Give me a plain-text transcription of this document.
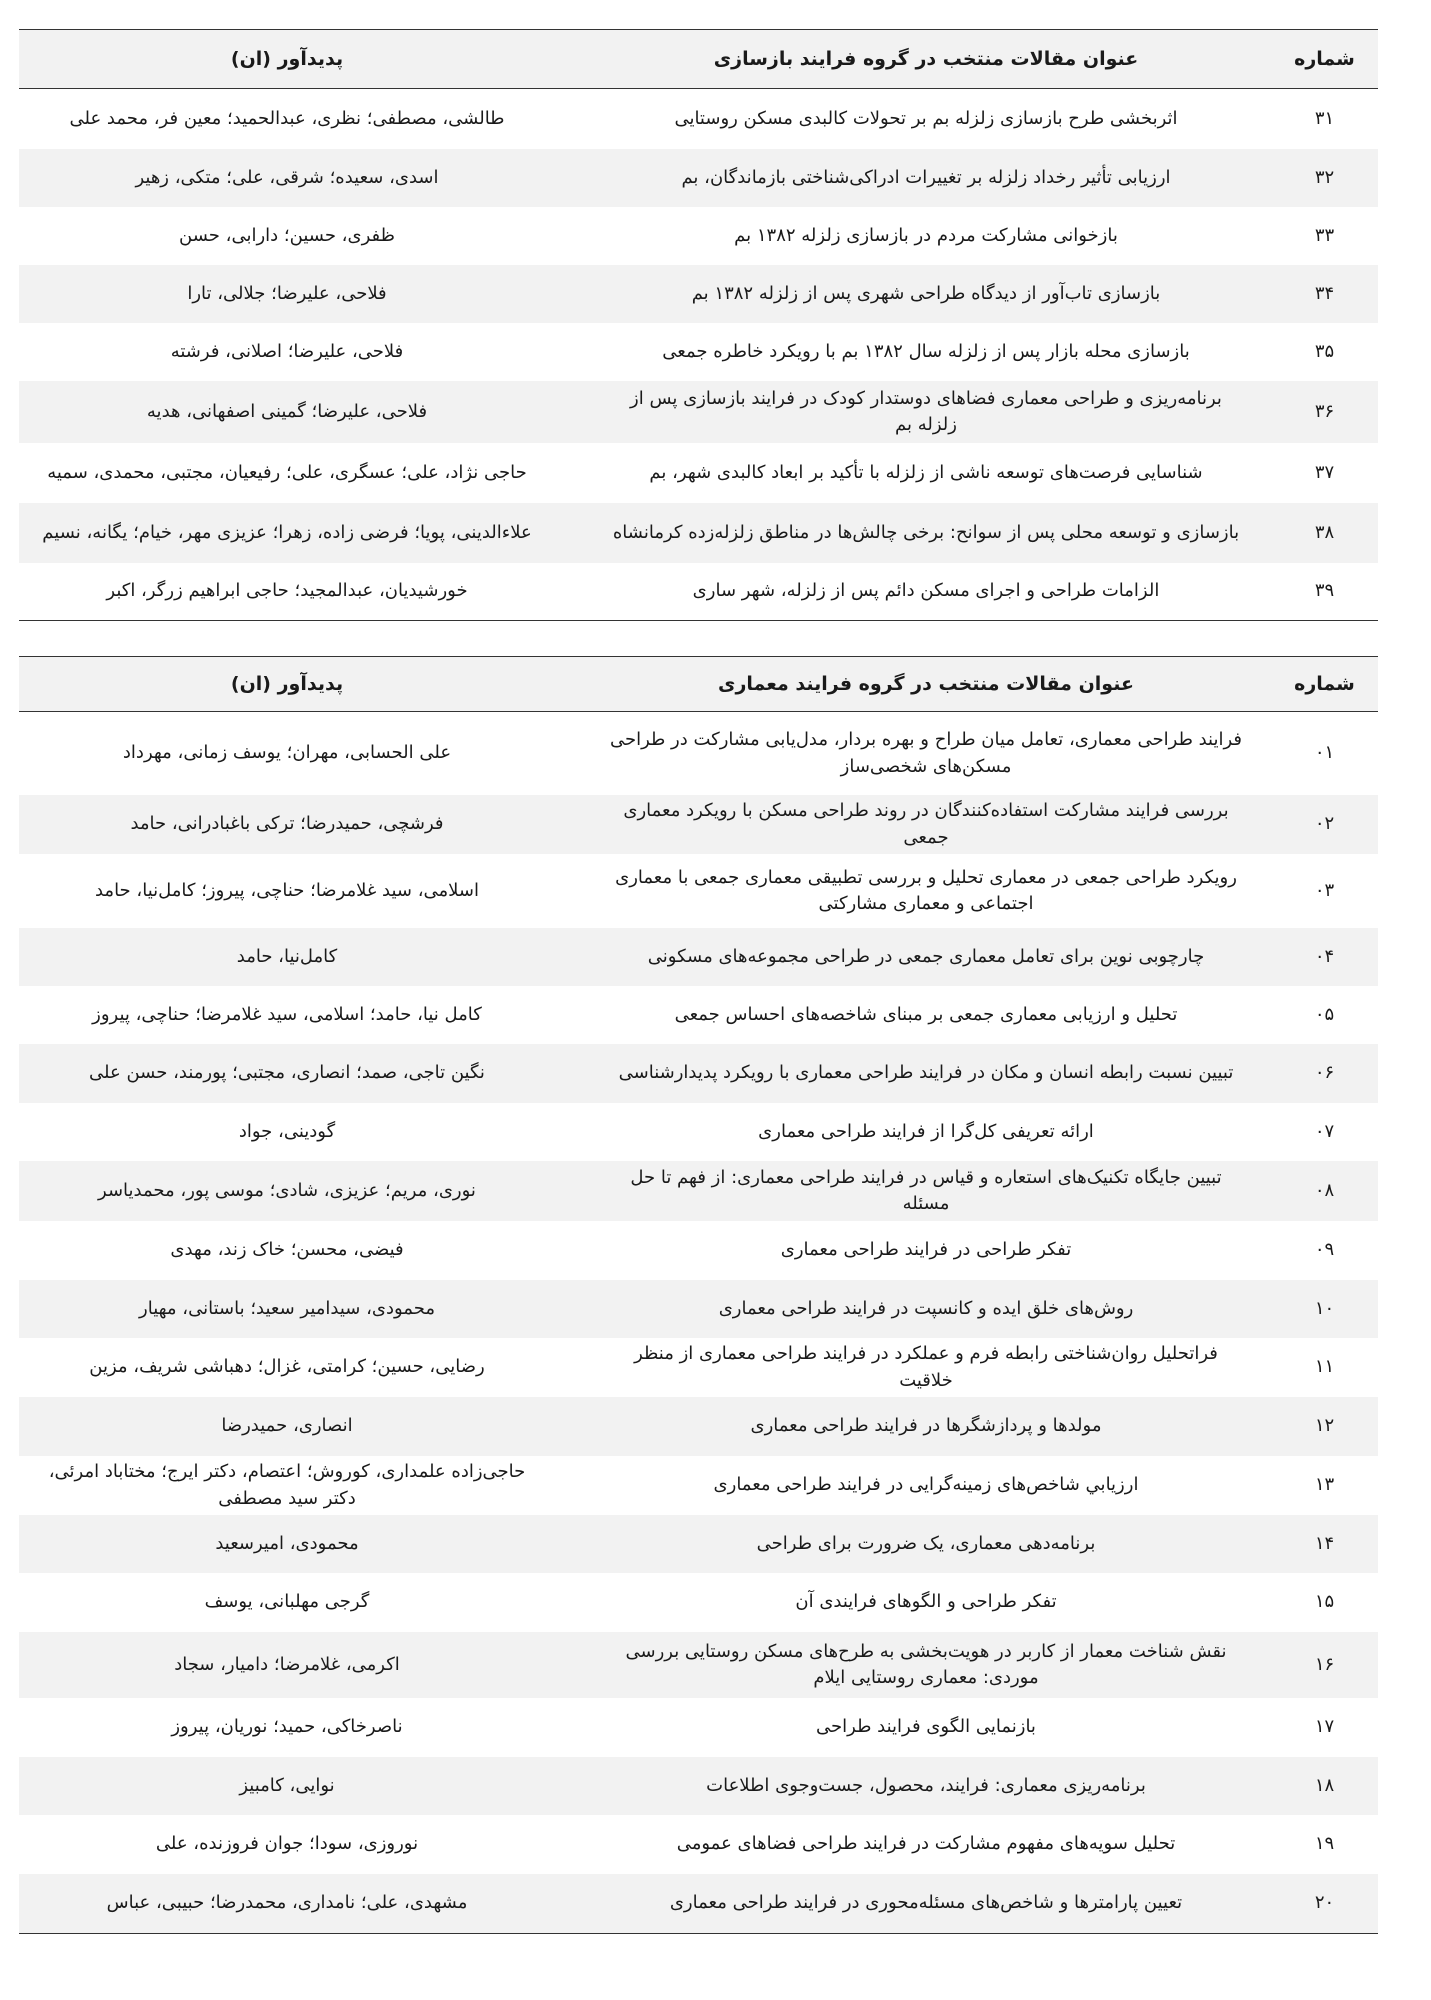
شماره
عنوان مقالات منتخب در گروه فرایند بازسازی
پدیدآور (ان)
۳۱
اثربخشی طرح بازسازی زلزله بم بر تحولات کالبدی مسکن روستایی
طالشی، مصطفی؛ نظری، عبدالحمید؛ معین فر، محمد علی
۳۲
ارزیابی تأثیر رخداد زلزله بر تغییرات ادراکی‌شناختی بازماندگان، بم
اسدی، سعیده؛ شرقی، علی؛ متکی، زهیر
۳۳
بازخوانی مشارکت مردم در بازسازی زلزله ۱۳۸۲ بم
ظفری، حسین؛ دارابی، حسن
۳۴
بازسازی تاب‌آور از دیدگاه طراحی شهری پس از زلزله ۱۳۸۲ بم
فلاحی، علیرضا؛ جلالی، تارا
۳۵
بازسازی محله بازار پس از زلزله سال ۱۳۸۲ بم با رویکرد خاطره جمعی
فلاحی، علیرضا؛ اصلانی، فرشته
۳۶
برنامه‌ریزی و طراحی معماری فضاهای دوستدار کودک در فرایند بازسازی پس از زلزله بم
فلاحی، علیرضا؛ گمینی اصفهانی، هدیه
۳۷
شناسایی فرصت‌های توسعه ناشی از زلزله با تأکید بر ابعاد کالبدی شهر، بم
حاجی نژاد، علی؛ عسگری، علی؛ رفیعیان، مجتبی، محمدی، سمیه
۳۸
بازسازی و توسعه محلی پس از سوانح: برخی چالش‌ها در مناطق زلزله‌زده کرمانشاه
علاءالدینی، پویا؛ فرضی زاده، زهرا؛ عزیزی مهر، خیام؛ یگانه، نسیم
۳۹
الزامات طراحی و اجرای مسکن دائم پس از زلزله، شهر ساری
خورشیدیان، عبدالمجید؛ حاجی ابراهیم زرگر، اکبر
شماره
عنوان مقالات منتخب در گروه فرایند معماری
پدیدآور (ان)
۰۱
فرایند طراحی معماری، تعامل میان طراح و بهره بردار، مدل‌یابی مشارکت در طراحی مسکن‌های شخصی‌ساز
علی الحسابی، مهران؛ یوسف زمانی، مهرداد
۰۲
بررسی فرایند مشارکت استفاده‌کنندگان در روند طراحی مسکن با رویکرد معماری جمعی
فرشچی، حمیدرضا؛ ترکی باغبادرانی، حامد
۰۳
رویکرد طراحی جمعی در معماری تحلیل و بررسی تطبیقی معماری جمعی با معماری اجتماعی و معماری مشارکتی
اسلامی، سید غلامرضا؛ حناچی، پیروز؛ کامل‌نیا، حامد
۰۴
چارچوبی نوین برای تعامل معماری جمعی در طراحی مجموعه‌های مسکونی
کامل‌نیا، حامد
۰۵
تحلیل و ارزیابی معماری جمعی بر مبنای شاخصه‌های احساس جمعی
کامل نیا، حامد؛ اسلامی، سید غلامرضا؛ حناچی، پیروز
۰۶
تبیین نسبت رابطه انسان و مکان در فرایند طراحی معماری با رویکرد پدیدارشناسی
نگین تاجی، صمد؛ انصاری، مجتبی؛ پورمند، حسن علی
۰۷
ارائه تعریفی کل‌گرا از فرایند طراحی معماری
گودینی، جواد
۰۸
تبیین جایگاه تکنیک‌های استعاره و قیاس در فرایند طراحی معماری: از فهم تا حل مسئله
نوری، مریم؛ عزیزی، شادی؛ موسی پور، محمدیاسر
۰۹
تفکر طراحی در فرایند طراحی معماری
فیضی، محسن؛ خاک زند، مهدی
۱۰
روش‌های خلق ایده و کانسپت در فرایند طراحی معماری
محمودی، سیدامیر سعید؛ باستانی، مهیار
۱۱
فراتحلیل روان‌شناختی رابطه فرم و عملکرد در فرایند طراحی معماری از منظر خلاقیت
رضایی، حسین؛ کرامتی، غزال؛ دهباشی شریف، مزین
۱۲
مولدها و پردازشگرها در فرایند طراحی معماری
انصاری، حمیدرضا
۱۳
ارزیابي شاخص‌های زمینه‌گرایی در فرایند طراحی معماری
حاجی‌زاده علمداری، کوروش؛ اعتصام، دکتر ایرج؛ مختاباد امرئی، دکتر سید مصطفی
۱۴
برنامه‌دهی معماری، یک ضرورت برای طراحی
محمودی، امیرسعید
۱۵
تفکر طراحی و الگوهای فرایندی آن
گرجی مهلبانی، یوسف
۱۶
نقش شناخت معمار از کاربر در هویت‌بخشی به طرح‌های مسکن روستایی بررسی موردی: معماری روستایی ایلام
اکرمی، غلامرضا؛ دامیار، سجاد
۱۷
بازنمایی الگوی فرایند طراحی
ناصرخاکی، حمید؛ نوریان، پیروز
۱۸
برنامه‌ریزی معماری: فرایند، محصول، جست‌وجوی اطلاعات
نوایی، کامبیز
۱۹
تحلیل سویه‌های مفهوم مشارکت در فرایند طراحی فضاهای عمومی
نوروزی، سودا؛ جوان فروزنده، علی
۲۰
تعیین پارامترها و شاخص‌های مسئله‌محوری در فرایند طراحی معماری
مشهدی، علی؛ نامداری، محمدرضا؛ حبیبی، عباس
